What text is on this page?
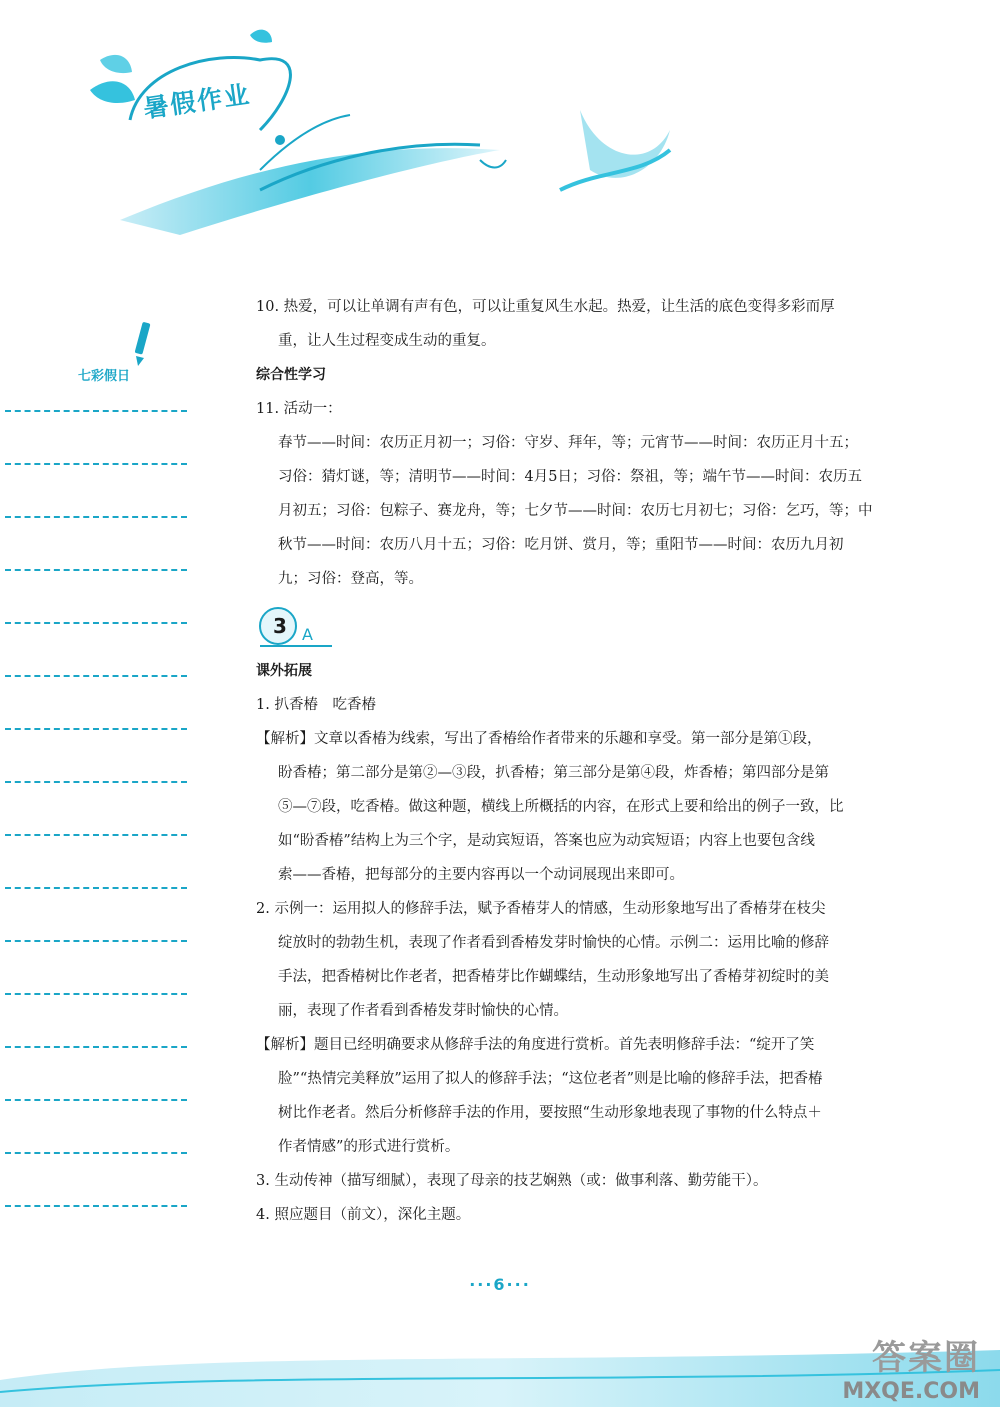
暑假作业
七彩假日

10. 热爱，可以让单调有声有色，可以让重复风生水起。热爱，让生活的底色变得多彩而厚

重，让人生过程变成生动的重复。

综合性学习

11. 活动一：

春节——时间：农历正月初一；习俗：守岁、拜年，等；元宵节——时间：农历正月十五；

习俗：猜灯谜，等；清明节——时间：4月5日；习俗：祭祖，等；端午节——时间：农历五

月初五；习俗：包粽子、赛龙舟，等；七夕节——时间：农历七月初七；习俗：乞巧，等；中

秋节——时间：农历八月十五；习俗：吃月饼、赏月，等；重阳节——时间：农历九月初

九；习俗：登高，等。

3 A

课外拓展

1. 扒香椿　吃香椿

【解析】文章以香椿为线索，写出了香椿给作者带来的乐趣和享受。第一部分是第①段，

盼香椿；第二部分是第②—③段，扒香椿；第三部分是第④段，炸香椿；第四部分是第

⑤—⑦段，吃香椿。做这种题，横线上所概括的内容，在形式上要和给出的例子一致，比

如“盼香椿”结构上为三个字，是动宾短语，答案也应为动宾短语；内容上也要包含线

索——香椿，把每部分的主要内容再以一个动词展现出来即可。

2. 示例一：运用拟人的修辞手法，赋予香椿芽人的情感，生动形象地写出了香椿芽在枝尖

绽放时的勃勃生机，表现了作者看到香椿发芽时愉快的心情。示例二：运用比喻的修辞

手法，把香椿树比作老者，把香椿芽比作蝴蝶结，生动形象地写出了香椿芽初绽时的美

丽，表现了作者看到香椿发芽时愉快的心情。

【解析】题目已经明确要求从修辞手法的角度进行赏析。首先表明修辞手法：“绽开了笑

脸”“热情完美释放”运用了拟人的修辞手法；“这位老者”则是比喻的修辞手法，把香椿

树比作老者。然后分析修辞手法的作用，要按照“生动形象地表现了事物的什么特点＋

作者情感”的形式进行赏析。

3. 生动传神（描写细腻），表现了母亲的技艺娴熟（或：做事利落、勤劳能干）。

4. 照应题目（前文），深化主题。

···6···
答案圈
MXQE.COM
